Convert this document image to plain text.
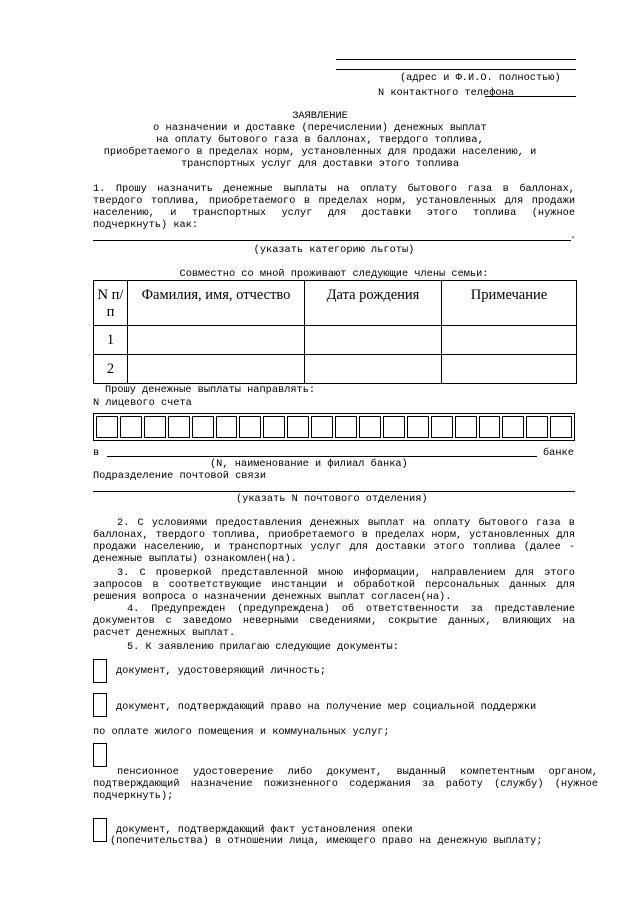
(адрес и Ф.И.О. полностью)
N контактного телефона
ЗАЯВЛЕНИЕ
о назначении и доставке (перечислении) денежных выплат
на оплату бытового газа в баллонах, твердого топлива,
приобретаемого в пределах норм, установленных для продажи населению, и
транспортных услуг для доставки этого топлива
1. Прошу назначить денежные выплаты на оплату бытового газа в баллонах, твердого топлива, приобретаемого в пределах норм, установленных для продажи населению, и транспортных услуг для доставки этого топлива (нужное подчеркнуть) как:
.
(указать категорию льготы)
Совместно со мной проживают следующие члены семьи:
N п/п	Фамилия, имя, отчество	Дата рождения	Примечание
1			
2			
Прошу денежные выплаты направлять:
N лицевого счета
в	банке
(N, наименование и филиал банка)
Подразделение почтовой связи
(указать N почтового отделения)
2. С условиями предоставления денежных выплат на оплату бытового газа в баллонах, твердого топлива, приобретаемого в пределах норм, установленных для продажи населению, и транспортных услуг для доставки этого топлива (далее - денежные выплаты) ознакомлен(на).
3. С проверкой представленной мною информации, направлением для этого запросов в соответствующие инстанции и обработкой персональных данных для решения вопроса о назначении денежных выплат согласен(на).
4. Предупрежден (предупреждена) об ответственности за представление документов с заведомо неверными сведениями, сокрытие данных, влияющих на расчет денежных выплат.
5. К заявлению прилагаю следующие документы:
документ, удостоверяющий личность;
документ, подтверждающий право на получение мер социальной поддержки
по оплате жилого помещения и коммунальных услуг;
пенсионное удостоверение либо документ, выданный компетентным органом, подтверждающий назначение пожизненного содержания за работу (службу) (нужное подчеркнуть);
документ, подтверждающий факт установления опеки
(попечительства) в отношении лица, имеющего право на денежную выплату;
